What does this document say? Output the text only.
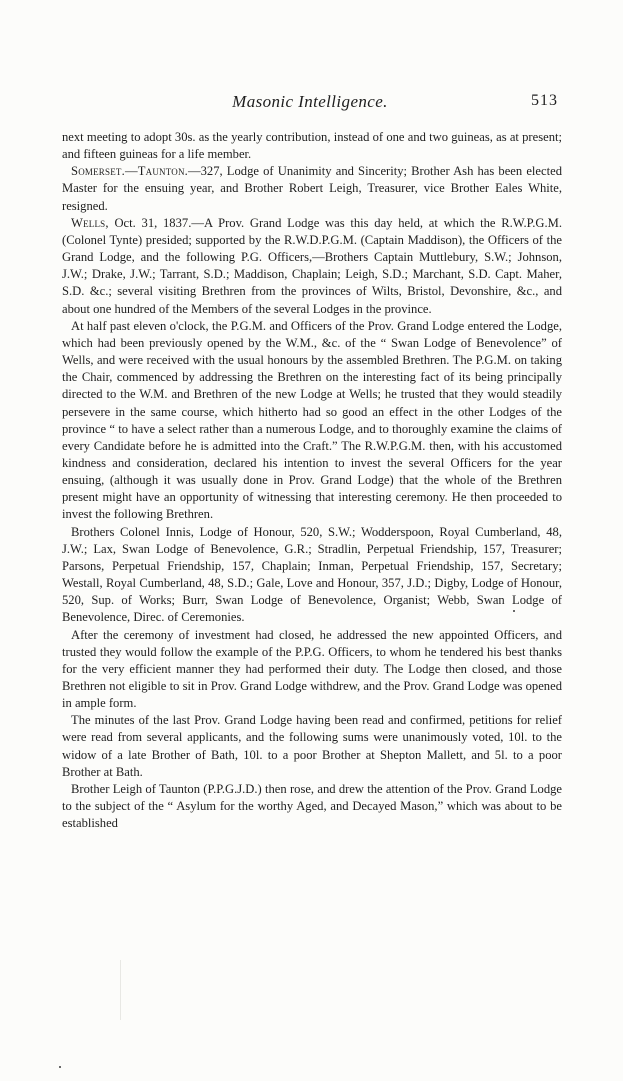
Masonic Intelligence.	513

next meeting to adopt 30s. as the yearly contribution, instead of one and two guineas, as at present; and fifteen guineas for a life member.

Somerset.—Taunton.—327, Lodge of Unanimity and Sincerity; Brother Ash has been elected Master for the ensuing year, and Brother Robert Leigh, Treasurer, vice Brother Eales White, resigned.

Wells, Oct. 31, 1837.—A Prov. Grand Lodge was this day held, at which the R.W.P.G.M. (Colonel Tynte) presided; supported by the R.W.D.P.G.M. (Captain Maddison), the Officers of the Grand Lodge, and the following P.G. Officers,—Brothers Captain Muttlebury, S.W.; Johnson, J.W.; Drake, J.W.; Tarrant, S.D.; Maddison, Chaplain; Leigh, S.D.; Marchant, S.D. Capt. Maher, S.D. &c.; several visiting Brethren from the provinces of Wilts, Bristol, Devonshire, &c., and about one hundred of the Members of the several Lodges in the province.

At half past eleven o'clock, the P.G.M. and Officers of the Prov. Grand Lodge entered the Lodge, which had been previously opened by the W.M., &c. of the “ Swan Lodge of Benevolence” of Wells, and were received with the usual honours by the assembled Brethren. The P.G.M. on taking the Chair, commenced by addressing the Brethren on the interesting fact of its being principally directed to the W.M. and Brethren of the new Lodge at Wells; he trusted that they would steadily persevere in the same course, which hitherto had so good an effect in the other Lodges of the province “ to have a select rather than a numerous Lodge, and to thoroughly examine the claims of every Candidate before he is admitted into the Craft.” The R.W.P.G.M. then, with his accustomed kindness and consideration, declared his intention to invest the several Officers for the year ensuing, (although it was usually done in Prov. Grand Lodge) that the whole of the Brethren present might have an opportunity of witnessing that interesting ceremony. He then proceeded to invest the following Brethren.

Brothers Colonel Innis, Lodge of Honour, 520, S.W.; Wodderspoon, Royal Cumberland, 48, J.W.; Lax, Swan Lodge of Benevolence, G.R.; Stradlin, Perpetual Friendship, 157, Treasurer; Parsons, Perpetual Friendship, 157, Chaplain; Inman, Perpetual Friendship, 157, Secretary; Westall, Royal Cumberland, 48, S.D.; Gale, Love and Honour, 357, J.D.; Digby, Lodge of Honour, 520, Sup. of Works; Burr, Swan Lodge of Benevolence, Organist; Webb, Swan Lodge of Benevolence, Direc. of Ceremonies.

After the ceremony of investment had closed, he addressed the new appointed Officers, and trusted they would follow the example of the P.P.G. Officers, to whom he tendered his best thanks for the very efficient manner they had performed their duty. The Lodge then closed, and those Brethren not eligible to sit in Prov. Grand Lodge withdrew, and the Prov. Grand Lodge was opened in ample form.

The minutes of the last Prov. Grand Lodge having been read and confirmed, petitions for relief were read from several applicants, and the following sums were unanimously voted, 10l. to the widow of a late Brother of Bath, 10l. to a poor Brother at Shepton Mallett, and 5l. to a poor Brother at Bath.

Brother Leigh of Taunton (P.P.G.J.D.) then rose, and drew the attention of the Prov. Grand Lodge to the subject of the “ Asylum for the worthy Aged, and Decayed Mason,” which was about to be established
